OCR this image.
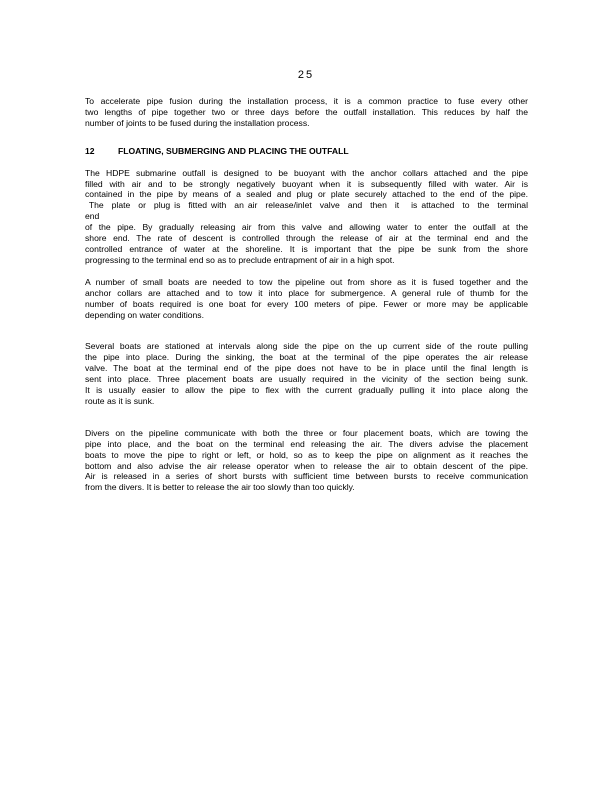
25

To accelerate pipe fusion during the installation process, it is a common practice to fuse every other
two lengths of pipe together two or three days before the outfall installation. This reduces by half the
number of joints to be fused during the installation process.

12	FLOATING, SUBMERGING AND PLACING THE OUTFALL

The HDPE submarine outfall is designed to be buoyant with the anchor collars attached and the pipe
filled with air and to be strongly negatively buoyant when it is subsequently filled with water. Air is
contained in the pipe by means of a sealed and plug or plate securely attached to the end of the pipe.
The  plate  or  plug is  fitted with  an air  release/inlet  valve  and  then  it   is attached  to  the  terminal
end
of the pipe. By gradually releasing air from this valve and allowing water to enter the outfall at the
shore end. The rate of descent is controlled through the release of air at the terminal end and the
controlled entrance of water at the shoreline. It is important that the pipe be sunk from the shore
progressing to the terminal end so as to preclude entrapment of air in a high spot.

A number of small boats are needed to tow the pipeline out from shore as it is fused together and the
anchor collars are attached and to tow it into place for submergence. A general rule of thumb for the
number of boats required is one boat for every 100 meters of pipe. Fewer or more may be applicable
depending on water conditions.

Several boats are stationed at intervals along side the pipe on the up current side of the route pulling
the pipe into place. During the sinking, the boat at the terminal of the pipe operates the air release
valve. The boat at the terminal end of the pipe does not have to be in place until the final length is
sent into place. Three placement boats are usually required in the vicinity of the section being sunk.
It is usually easier to allow the pipe to flex with the current gradually pulling it into place along the
route as it is sunk.

Divers on the pipeline communicate with both the three or four placement boats, which are towing the
pipe into place, and the boat on the terminal end releasing the air. The divers advise the placement
boats to move the pipe to right or left, or hold, so as to keep the pipe on alignment as it reaches the
bottom and also advise the air release operator when to release the air to obtain descent of the pipe.
Air is released in a series of short bursts with sufficient time between bursts to receive communication
from the divers. It is better to release the air too slowly than too quickly.
